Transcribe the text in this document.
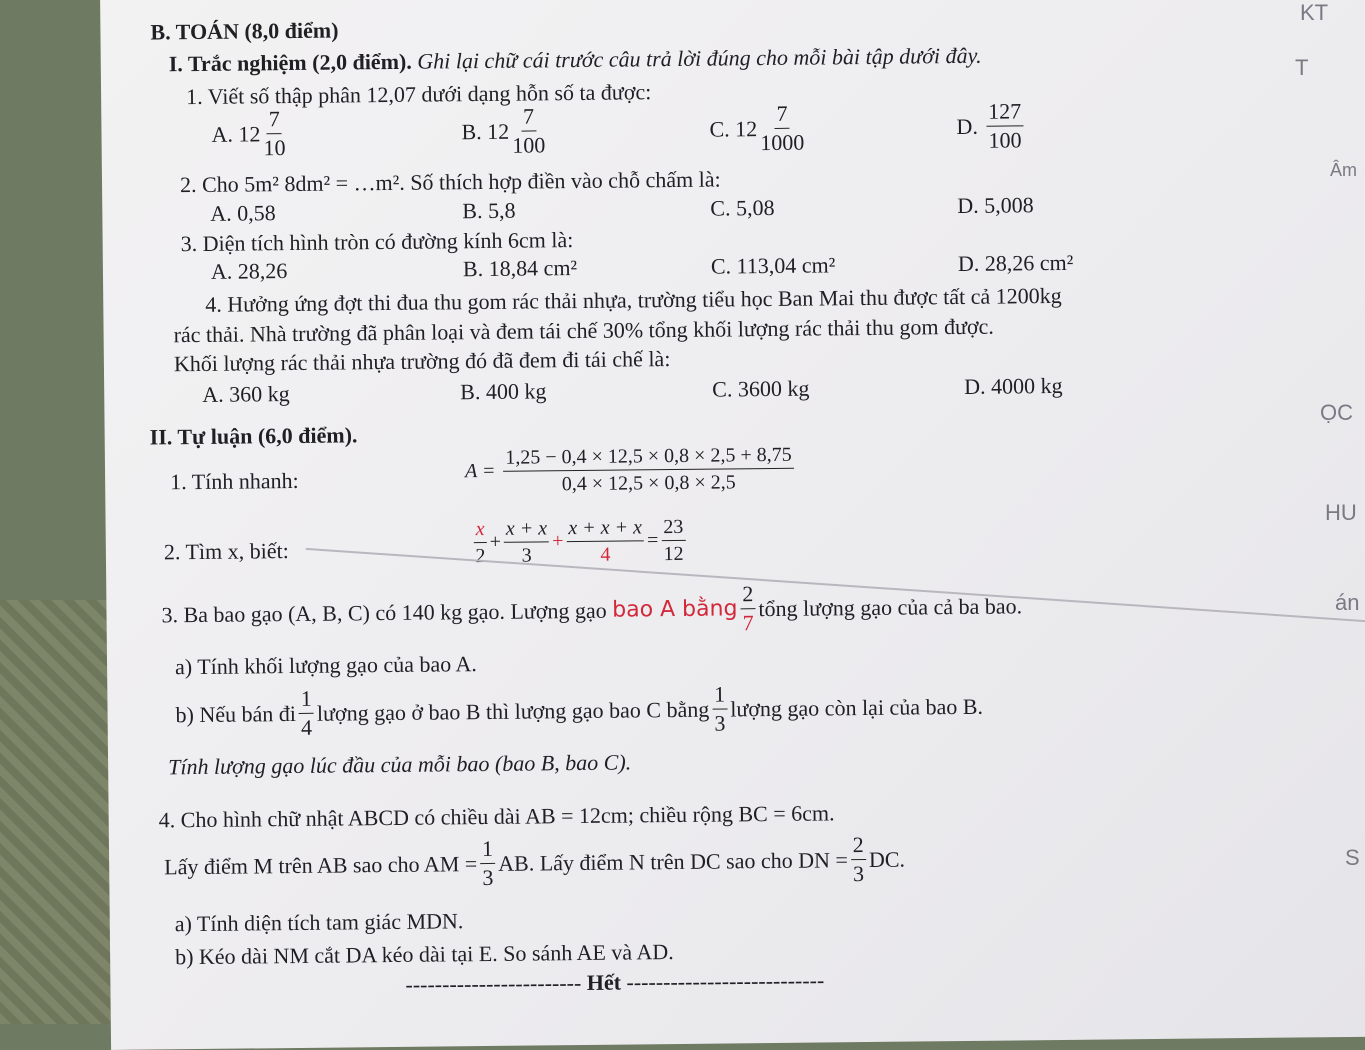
B. TOÁN (8,0 điểm)
I. Trắc nghiệm (2,0 điểm). Ghi lại chữ cái trước câu trả lời đúng cho mỗi bài tập dưới đây.
1. Viết số thập phân 12,07 dưới dạng hỗn số ta được:
A.
$12 \frac{7}{10}$	B.
$12 \frac{7}{100}$	C.
$12 \frac{7}{1000}$	D.
$\frac{127}{100}$
2. Cho 5m² 8dm² = …m². Số thích hợp điền vào chỗ chấm là:
A. 0,58	B. 5,8	C. 5,08	D. 5,008
3. Diện tích hình tròn có đường kính 6cm là:
A. 28,26	B. 18,84 cm²	C. 113,04 cm²	D. 28,26 cm²
4. Hưởng ứng đợt thi đua thu gom rác thải nhựa, trường tiểu học Ban Mai thu được tất cả 1200kg
rác thải. Nhà trường đã phân loại và đem tái chế 30% tổng khối lượng rác thải thu gom được.
Khối lượng rác thải nhựa trường đó đã đem đi tái chế là:
A. 360 kg	B. 400 kg	C. 3600 kg	D. 4000 kg
II. Tự luận (6,0 điểm).
1. Tính nhanh:	$A = \frac{1,25 - 0,4 \times 12,5 \times 0,8 \times 2,5 + 8,75}{0,4 \times 12,5 \times 0,8 \times 2,5}$
2. Tìm x, biết:	$\frac{x}{2} + \frac{x + x}{3} + \frac{x + x + x}{4} = \frac{23}{12}$
3. Ba bao gạo (A, B, C) có 140 kg gạo. Lượng gạo
bao A bằng $\frac{2}{7}$ tổng lượng gạo của cả ba bao.
a) Tính khối lượng gạo của bao A.
b) Nếu bán đi $\frac{1}{4}$ lượng gạo ở bao B thì lượng gạo bao C bằng $\frac{1}{3}$ lượng gạo còn lại của bao B.
Tính lượng gạo lúc đầu của mỗi bao (bao B, bao C).
4. Cho hình chữ nhật ABCD có chiều dài AB = 12cm; chiều rộng BC = 6cm.
Lấy điểm M trên AB sao cho AM = $\frac{1}{3}$ AB. Lấy điểm N trên DC sao cho DN = $\frac{2}{3}$ DC.
a) Tính diện tích tam giác MDN.
b) Kéo dài NM cắt DA kéo dài tại E. So sánh AE và AD.
------------------------ Hết ---------------------------
KT
T
Âm
ỌC
HU
án
S
